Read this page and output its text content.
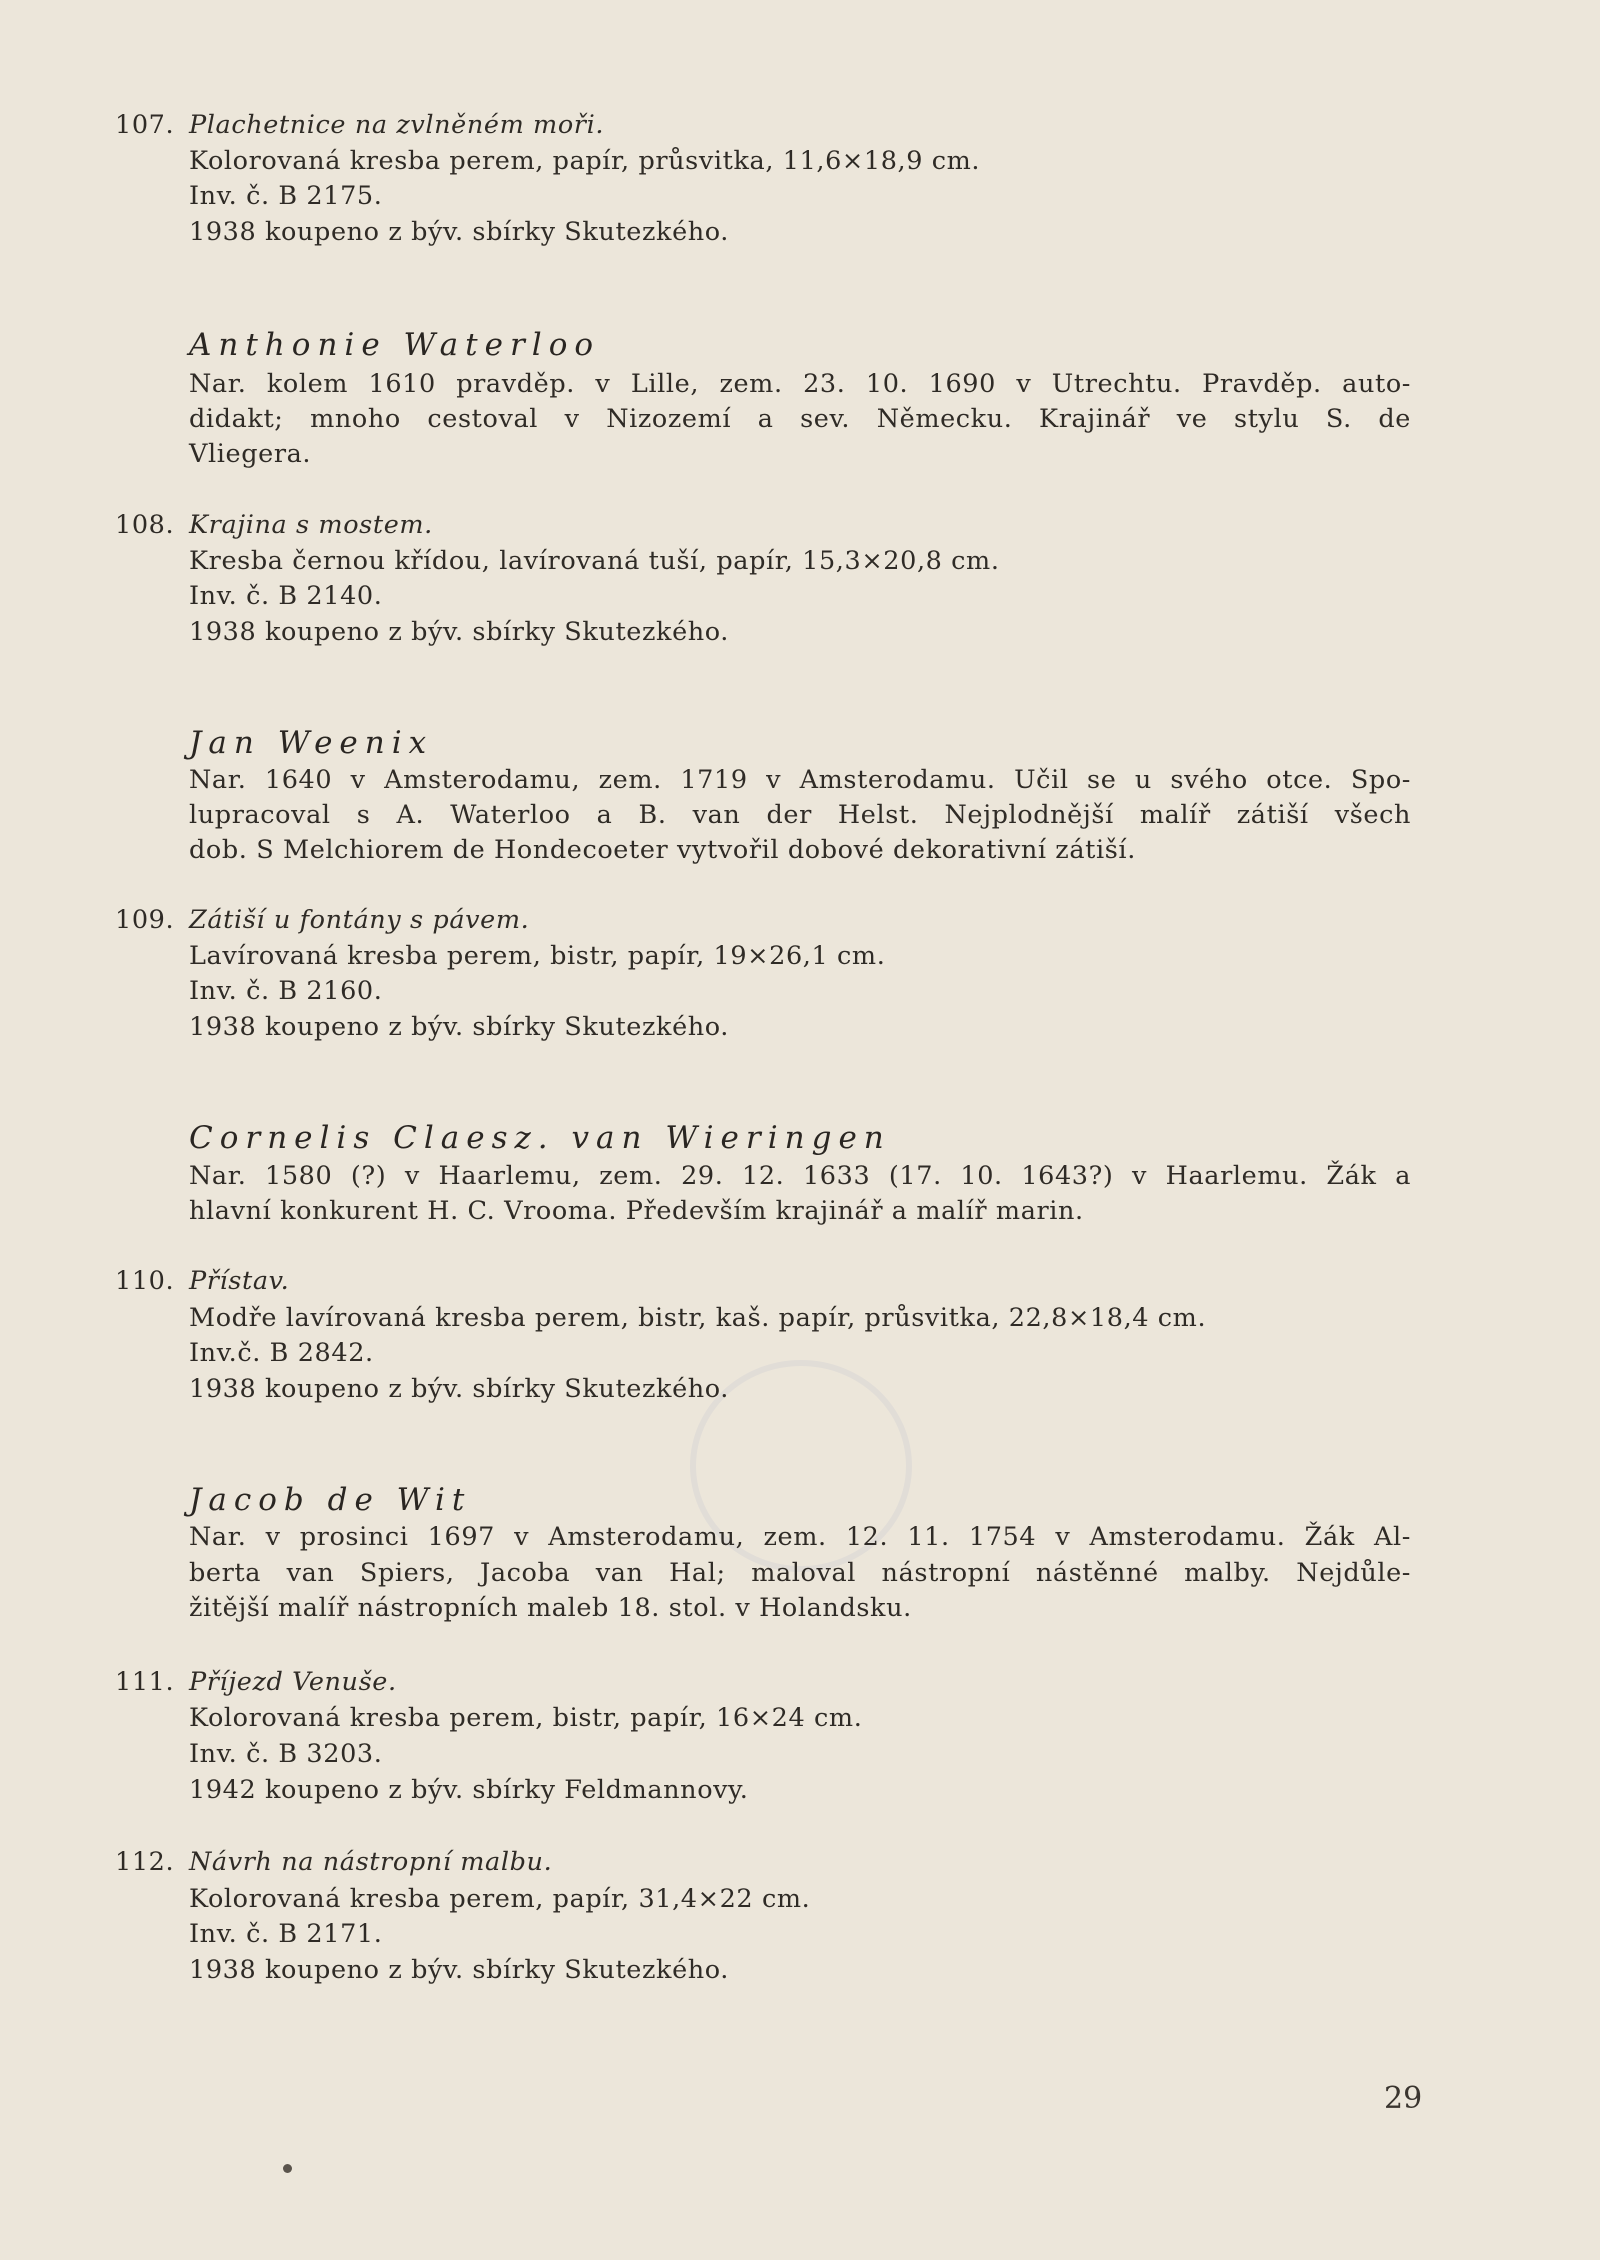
107. Plachetnice na zvlněném moři.
Kolorovaná kresba perem, papír, průsvitka, 11,6×18,9 cm.
Inv. č. B 2175.
1938 koupeno z býv. sbírky Skutezkého.
Anthonie Waterloo
Nar. kolem 1610 pravděp. v Lille, zem. 23. 10. 1690 v Utrechtu. Pravděp. auto-
didakt; mnoho cestoval v Nizozemí a sev. Německu. Krajinář ve stylu S. de
Vliegera.
108. Krajina s mostem.
Kresba černou křídou, lavírovaná tuší, papír, 15,3×20,8 cm.
Inv. č. B 2140.
1938 koupeno z býv. sbírky Skutezkého.
Jan Weenix
Nar. 1640 v Amsterodamu, zem. 1719 v Amsterodamu. Učil se u svého otce. Spo-
lupracoval s A. Waterloo a B. van der Helst. Nejplodnější malíř zátiší všech
dob. S Melchiorem de Hondecoeter vytvořil dobové dekorativní zátiší.
109. Zátiší u fontány s pávem.
Lavírovaná kresba perem, bistr, papír, 19×26,1 cm.
Inv. č. B 2160.
1938 koupeno z býv. sbírky Skutezkého.
Cornelis Claesz. van Wieringen
Nar. 1580 (?) v Haarlemu, zem. 29. 12. 1633 (17. 10. 1643?) v Haarlemu. Žák a
hlavní konkurent H. C. Vrooma. Především krajinář a malíř marin.
110. Přístav.
Modře lavírovaná kresba perem, bistr, kaš. papír, průsvitka, 22,8×18,4 cm.
Inv.č. B 2842.
1938 koupeno z býv. sbírky Skutezkého.
Jacob de Wit
Nar. v prosinci 1697 v Amsterodamu, zem. 12. 11. 1754 v Amsterodamu. Žák Al-
berta van Spiers, Jacoba van Hal; maloval nástropní nástěnné malby. Nejdůle-
žitější malíř nástropních maleb 18. stol. v Holandsku.
111. Příjezd Venuše.
Kolorovaná kresba perem, bistr, papír, 16×24 cm.
Inv. č. B 3203.
1942 koupeno z býv. sbírky Feldmannovy.
112. Návrh na nástropní malbu.
Kolorovaná kresba perem, papír, 31,4×22 cm.
Inv. č. B 2171.
1938 koupeno z býv. sbírky Skutezkého.
29
